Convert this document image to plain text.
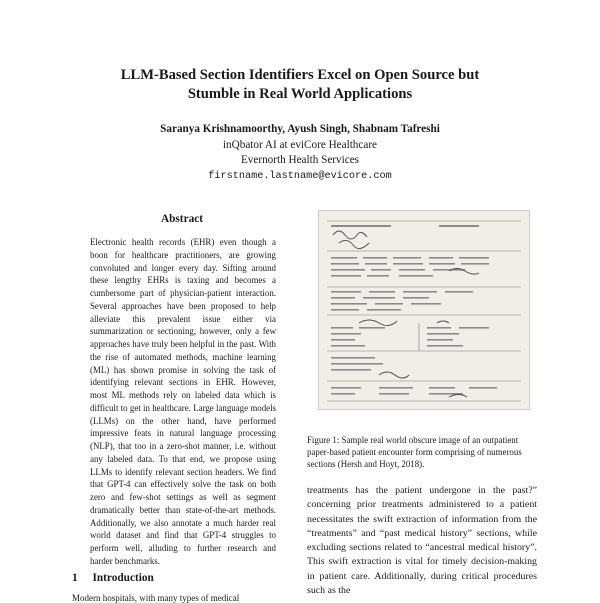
LLM-Based Section Identifiers Excel on Open Source but
Stumble in Real World Applications
Saranya Krishnamoorthy, Ayush Singh, Shabnam Tafreshi
inQbator AI at eviCore Healthcare
Evernorth Health Services
firstname.lastname@evicore.com
Abstract

Electronic health records (EHR) even though a boon for healthcare practitioners, are growing convoluted and longer every day. Sifting around these lengthy EHRs is taxing and becomes a cumbersome part of physician-patient interaction. Several approaches have been proposed to help alleviate this prevalent issue either via summarization or sectioning, however, only a few approaches have truly been helpful in the past. With the rise of automated methods, machine learning (ML) has shown promise in solving the task of identifying relevant sections in EHR. However, most ML methods rely on labeled data which is difficult to get in healthcare. Large language models (LLMs) on the other hand, have performed impressive feats in natural language processing (NLP), that too in a zero-shot manner, i.e. without any labeled data. To that end, we propose using LLMs to identify relevant section headers. We find that GPT-4 can effectively solve the task on both zero and few-shot settings as well as segment dramatically better than state-of-the-art methods. Additionally, we also annotate a much harder real world dataset and find that GPT-4 struggles to perform well, alluding to further research and harder benchmarks.

1 Introduction
Modern hospitals, with many types of medical

Figure 1: Sample real world obscure image of an outpatient paper-based patient encounter form comprising of numerous sections (Hersh and Hoyt, 2018).

treatments has the patient undergone in the past?” concerning prior treatments administered to a patient necessitates the swift extraction of information from the “treatments” and “past medical history” sections, while excluding sections related to “ancestral medical history”. This swift extraction is vital for timely decision-making in patient care. Additionally, during critical procedures such as the
